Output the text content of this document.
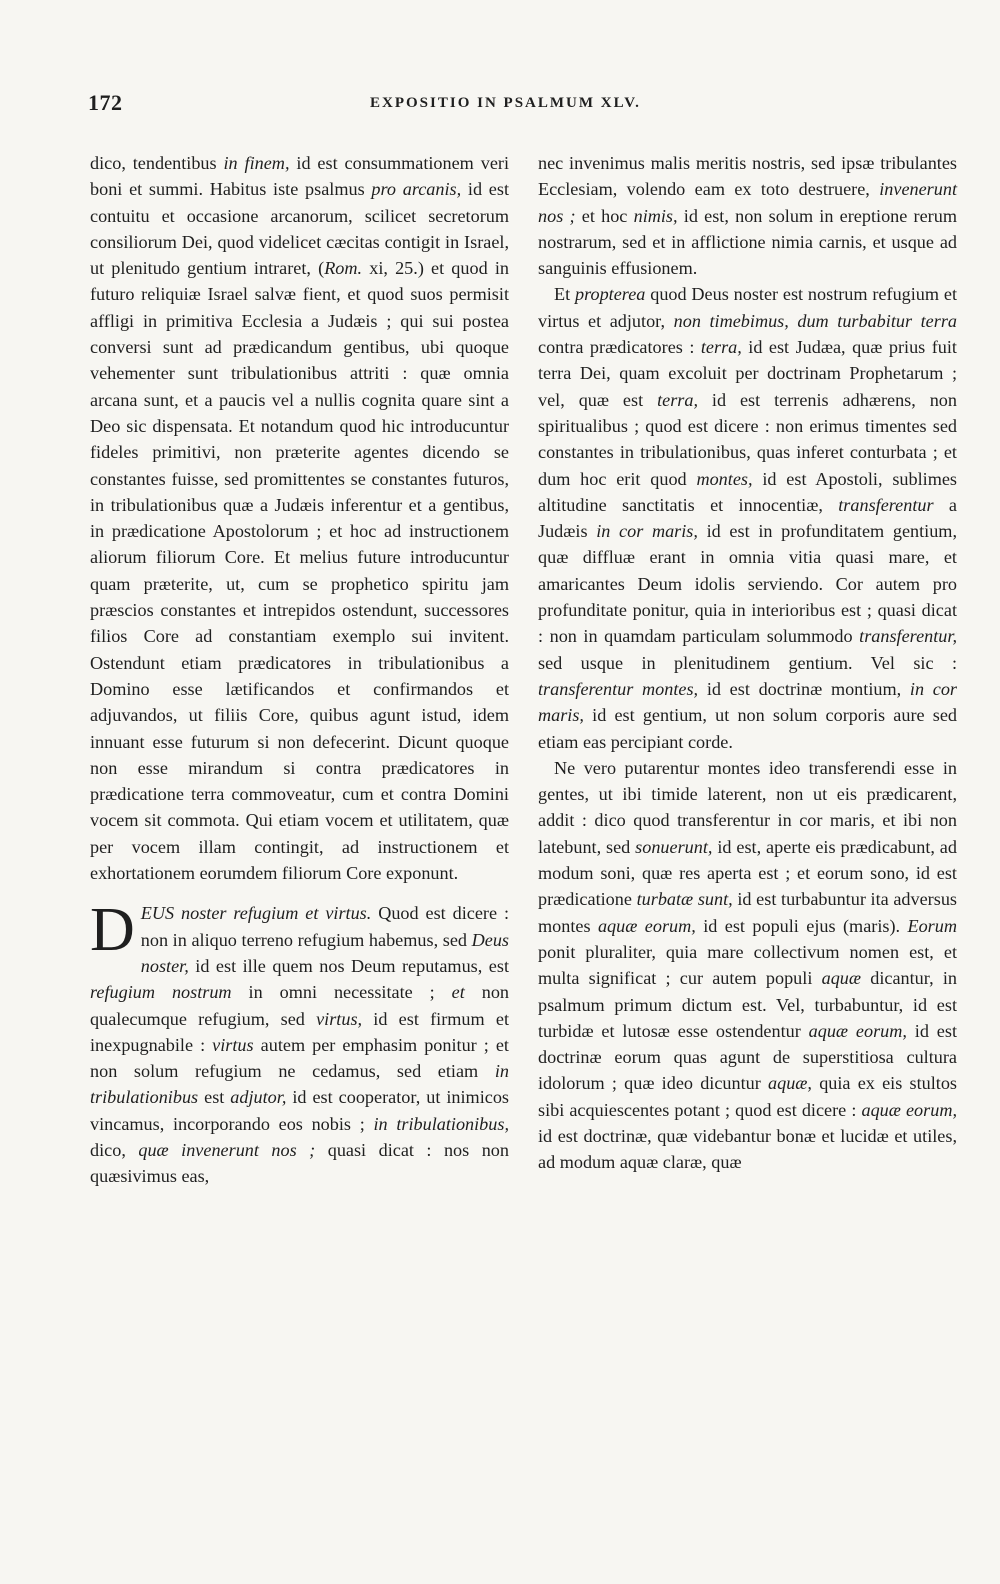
172	EXPOSITIO IN PSALMUM XLV.

dico, tendentibus in finem, id est consummationem veri boni et summi. Habitus iste psalmus pro arcanis, id est contuitu et occasione arcanorum, scilicet secretorum consiliorum Dei, quod videlicet cæcitas contigit in Israel, ut plenitudo gentium intraret, (Rom. xi, 25.) et quod in futuro reliquiæ Israel salvæ fient, et quod suos permisit affligi in primitiva Ecclesia a Judæis ; qui sui postea conversi sunt ad prædicandum gentibus, ubi quoque vehementer sunt tribulationibus attriti : quæ omnia arcana sunt, et a paucis vel a nullis cognita quare sint a Deo sic dispensata. Et notandum quod hic introducuntur fideles primitivi, non præterite agentes dicendo se constantes fuisse, sed promittentes se constantes futuros, in tribulationibus quæ a Judæis inferentur et a gentibus, in prædicatione Apostolorum ; et hoc ad instructionem aliorum filiorum Core. Et melius future introducuntur quam præterite, ut, cum se prophetico spiritu jam præscios constantes et intrepidos ostendunt, successores filios Core ad constantiam exemplo sui invitent. Ostendunt etiam prædicatores in tribulationibus a Domino esse lætificandos et confirmandos et adjuvandos, ut filiis Core, quibus agunt istud, idem innuant esse futurum si non defecerint. Dicunt quoque non esse mirandum si contra prædicatores in prædicatione terra commoveatur, cum et contra Domini vocem sit commota. Qui etiam vocem et utilitatem, quæ per vocem illam contingit, ad instructionem et exhortationem eorumdem filiorum Core exponunt.

DEUS noster refugium et virtus. Quod est dicere : non in aliquo terreno refugium habemus, sed Deus noster, id est ille quem nos Deum reputamus, est refugium nostrum in omni necessitate ; et non qualecumque refugium, sed virtus, id est firmum et inexpugnabile : virtus autem per emphasim ponitur ; et non solum refugium ne cedamus, sed etiam in tribulationibus est adjutor, id est cooperator, ut inimicos vincamus, incorporando eos nobis ; in tribulationibus, dico, quæ invenerunt nos ; quasi dicat : nos non quæsivimus eas,

nec invenimus malis meritis nostris, sed ipsæ tribulantes Ecclesiam, volendo eam ex toto destruere, invenerunt nos ; et hoc nimis, id est, non solum in ereptione rerum nostrarum, sed et in afflictione nimia carnis, et usque ad sanguinis effusionem.

Et propterea quod Deus noster est nostrum refugium et virtus et adjutor, non timebimus, dum turbabitur terra contra prædicatores : terra, id est Judæa, quæ prius fuit terra Dei, quam excoluit per doctrinam Prophetarum ; vel, quæ est terra, id est terrenis adhærens, non spiritualibus ; quod est dicere : non erimus timentes sed constantes in tribulationibus, quas inferet conturbata ; et dum hoc erit quod montes, id est Apostoli, sublimes altitudine sanctitatis et innocentiæ, transferentur a Judæis in cor maris, id est in profunditatem gentium, quæ diffluæ erant in omnia vitia quasi mare, et amaricantes Deum idolis serviendo. Cor autem pro profunditate ponitur, quia in interioribus est ; quasi dicat : non in quamdam particulam solummodo transferentur, sed usque in plenitudinem gentium. Vel sic : transferentur montes, id est doctrinæ montium, in cor maris, id est gentium, ut non solum corporis aure sed etiam eas percipiant corde.

Ne vero putarentur montes ideo transferendi esse in gentes, ut ibi timide laterent, non ut eis prædicarent, addit : dico quod transferentur in cor maris, et ibi non latebunt, sed sonuerunt, id est, aperte eis prædicabunt, ad modum soni, quæ res aperta est ; et eorum sono, id est prædicatione turbatæ sunt, id est turbabuntur ita adversus montes aquæ eorum, id est populi ejus (maris). Eorum ponit pluraliter, quia mare collectivum nomen est, et multa significat ; cur autem populi aquæ dicantur, in psalmum primum dictum est. Vel, turbabuntur, id est turbidæ et lutosæ esse ostendentur aquæ eorum, id est doctrinæ eorum quas agunt de superstitiosa cultura idolorum ; quæ ideo dicuntur aquæ, quia ex eis stultos sibi acquiescentes potant ; quod est dicere : aquæ eorum, id est doctrinæ, quæ videbantur bonæ et lucidæ et utiles, ad modum aquæ claræ, quæ
